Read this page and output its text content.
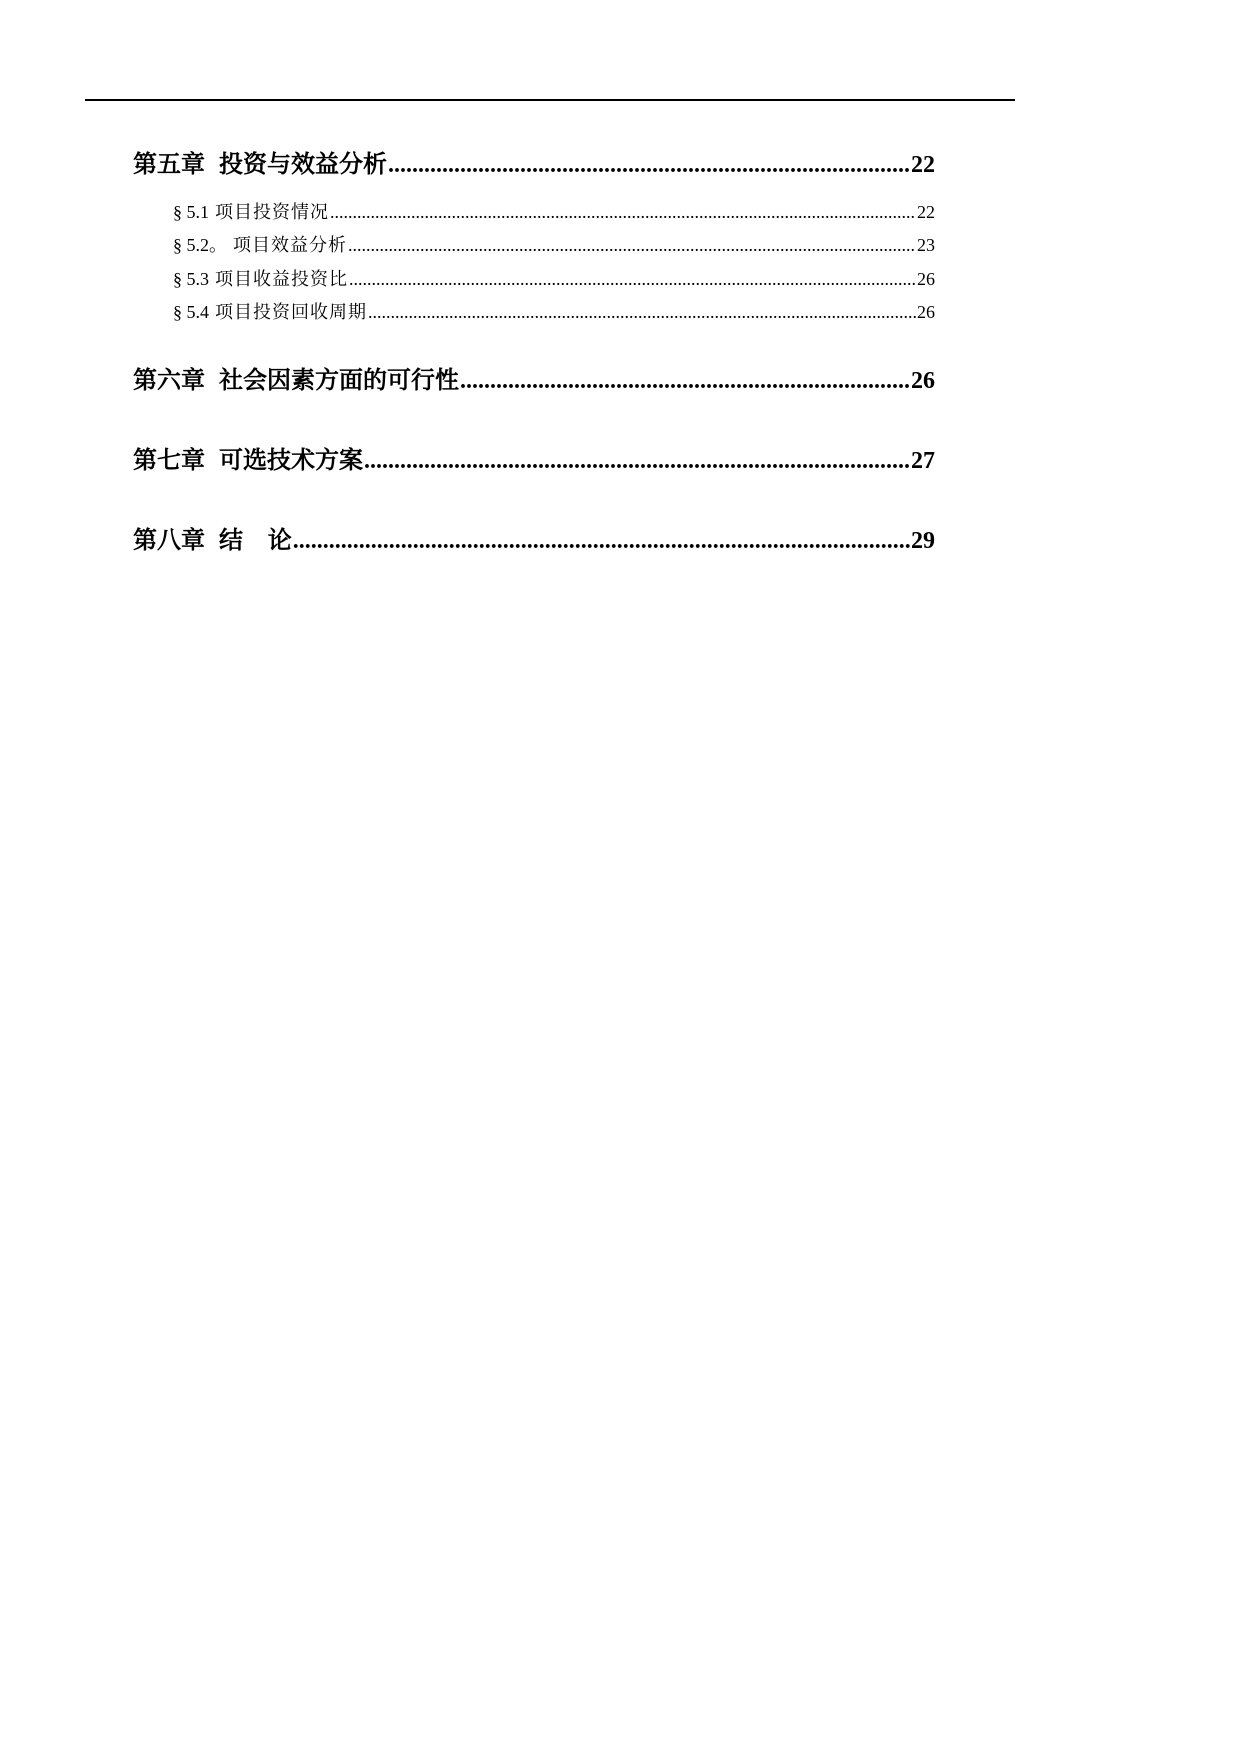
第五章 投资与效益分析 .....	22
§ 5.1 项目投资情况 .....	22
§ 5.2。 项目效益分析 .....	23
§ 5.3 项目收益投资比 .....	26
§ 5.4 项目投资回收周期 .....	26
第六章 社会因素方面的可行性 .....	26
第七章 可选技术方案 .....	27
第八章 结 论 .....	29
